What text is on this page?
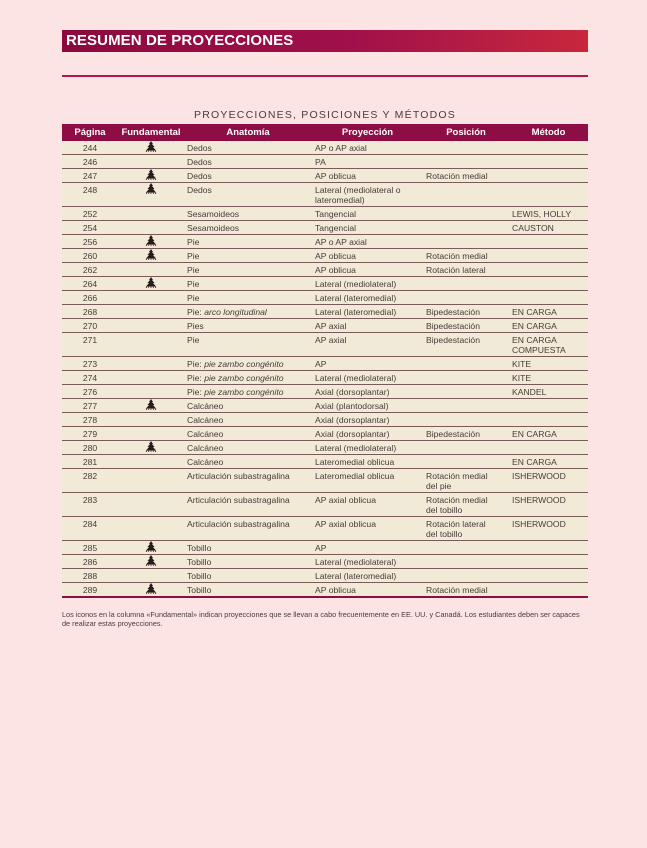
RESUMEN DE PROYECCIONES
PROYECCIONES, POSICIONES Y MÉTODOS
Página	Fundamental	Anatomía	Proyección	Posición	Método
244		Dedos	AP o AP axial		
246		Dedos	PA		
247		Dedos	AP oblicua	Rotación medial	
248		Dedos	Lateral (mediolateral o
lateromedial)		
252		Sesamoideos	Tangencial		LEWIS, HOLLY
254		Sesamoideos	Tangencial		CAUSTON
256		Pie	AP o AP axial		
260		Pie	AP oblicua	Rotación medial	
262		Pie	AP oblicua	Rotación lateral	
264		Pie	Lateral (mediolateral)		
266		Pie	Lateral (lateromedial)		
268		Pie: arco longitudinal	Lateral (lateromedial)	Bipedestación	EN CARGA
270		Pies	AP axial	Bipedestación	EN CARGA
271		Pie	AP axial	Bipedestación	EN CARGA
COMPUESTA
273		Pie: pie zambo congénito	AP		KITE
274		Pie: pie zambo congénito	Lateral (mediolateral)		KITE
276		Pie: pie zambo congénito	Axial (dorsoplantar)		KANDEL
277		Calcáneo	Axial (plantodorsal)		
278		Calcáneo	Axial (dorsoplantar)		
279		Calcáneo	Axial (dorsoplantar)	Bipedestación	EN CARGA
280		Calcáneo	Lateral (mediolateral)		
281		Calcáneo	Lateromedial oblicua		EN CARGA
282		Articulación subastragalina	Lateromedial oblicua	Rotación medial
del pie	ISHERWOOD
283		Articulación subastragalina	AP axial oblicua	Rotación medial
del tobillo	ISHERWOOD
284		Articulación subastragalina	AP axial oblicua	Rotación lateral
del tobillo	ISHERWOOD
285		Tobillo	AP		
286		Tobillo	Lateral (mediolateral)		
288		Tobillo	Lateral (lateromedial)		
289		Tobillo	AP oblicua	Rotación medial	
Los iconos en la columna «Fundamental» indican proyecciones que se llevan a cabo frecuentemente en EE. UU. y Canadá. Los estudiantes deben ser capaces de realizar estas proyecciones.
